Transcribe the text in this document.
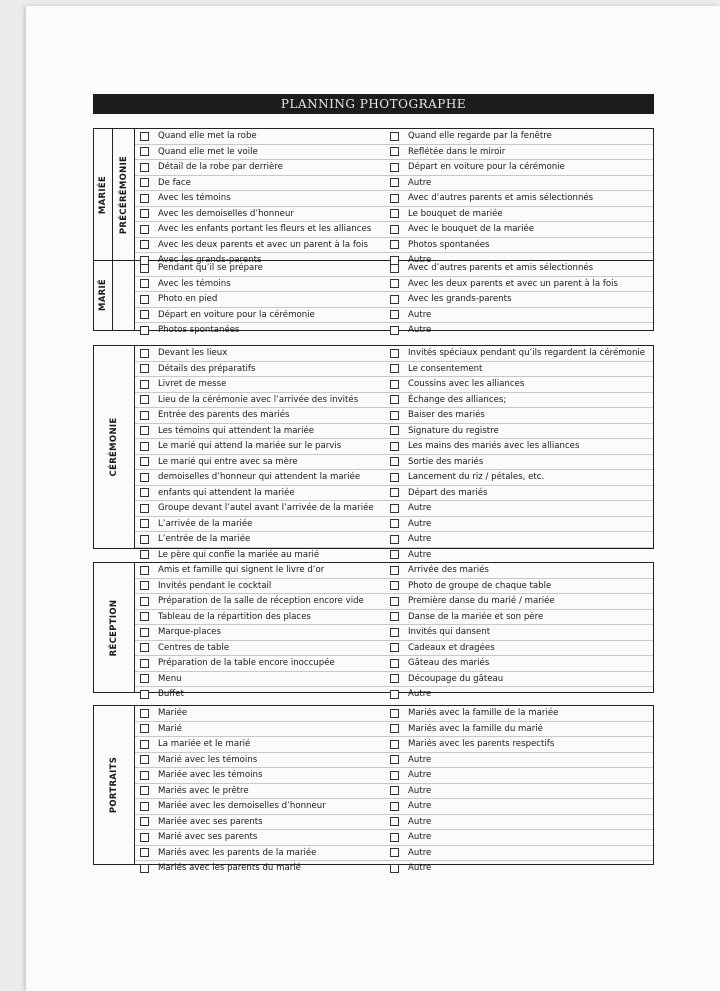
PLANNING PHOTOGRAPHE
MARIÉE
MARIÉ
PRÉCÉRÉMONIE
Quand elle met la robe	Quand elle regarde par la fenêtre
Quand elle met le voile	Reflétée dans le miroir
Détail de la robe par derrière	Départ en voiture pour la cérémonie
De face	Autre
Avec les témoins	Avec d’autres parents et amis sélectionnés
Avec les demoiselles d’honneur	Le bouquet de mariée
Avec les enfants portant les fleurs et les alliances	Avec le bouquet de la mariée
Avec les deux parents et avec un parent à la fois	Photos spontanées
Avec les grands-parents	Autre
Pendant qu’il se prépare	Avec d’autres parents et amis sélectionnés
Avec les témoins	Avec les deux parents et avec un parent à la fois
Photo en pied	Avec les grands-parents
Départ en voiture pour la cérémonie	Autre
Photos spontanées	Autre
CÉRÉMONIE
Devant les lieux	Invités spéciaux pendant qu’ils regardent la cérémonie
Détails des préparatifs	Le consentement
Livret de messe	Coussins avec les alliances
Lieu de la cérémonie avec l’arrivée des invités	Échange des alliances;
Entrée des parents des mariés	Baiser des mariés
Les témoins qui attendent la mariée	Signature du registre
Le marié qui attend la mariée sur le parvis	Les mains des mariés avec les alliances
Le marié qui entre avec sa mère	Sortie des mariés
demoiselles d’honneur qui attendent la mariée	Lancement du riz / pétales, etc.
enfants qui attendent la mariée	Départ des mariés
Groupe devant l’autel avant l’arrivée de la mariée	Autre
L’arrivée de la mariée	Autre
L’entrée de la mariée	Autre
Le père qui confie la mariée au marié	Autre
RÉCEPTION
Amis et famille qui signent le livre d’or	Arrivée des mariés
Invités pendant le cocktail	Photo de groupe de chaque table
Préparation de la salle de réception encore vide	Première danse du marié / mariée
Tableau de la répartition des places	Danse de la mariée et son père
Marque-places	Invités qui dansent
Centres de table	Cadeaux et dragées
Préparation de la table encore inoccupée	Gâteau des mariés
Menu	Découpage du gâteau
Buffet	Autre
PORTRAITS
Mariée	Mariés avec la famille de la mariée
Marié	Mariés avec la famille du marié
La mariée et le marié	Mariés avec les parents respectifs
Marié avec les témoins	Autre
Mariée avec les témoins	Autre
Mariés avec le prêtre	Autre
Mariée avec les demoiselles d’honneur	Autre
Mariée avec ses parents	Autre
Marié avec ses parents	Autre
Mariés avec les parents de la mariée	Autre
Mariés avec les parents du marié	Autre
